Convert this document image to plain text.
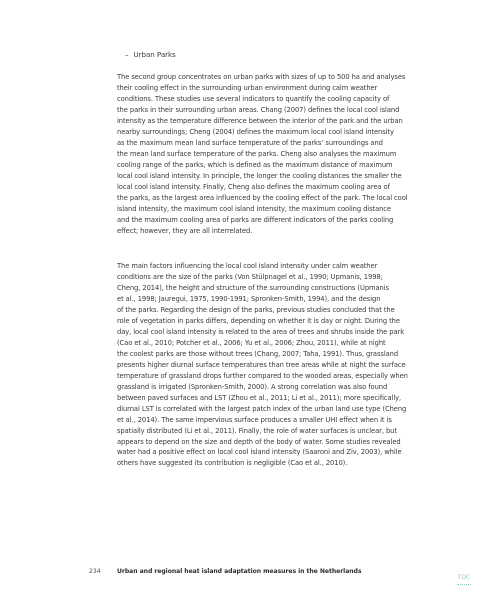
– Urban Parks
The second group concentrates on urban parks with sizes of up to 500 ha and analyses
their cooling effect in the surrounding urban environment during calm weather
conditions. These studies use several indicators to quantify the cooling capacity of
the parks in their surrounding urban areas. Chang (2007) defines the local cool island
intensity as the temperature difference between the interior of the park and the urban
nearby surroundings; Cheng (2004) defines the maximum local cool island intensity
as the maximum mean land surface temperature of the parks’ surroundings and
the mean land surface temperature of the parks. Cheng also analyses the maximum
cooling range of the parks, which is defined as the maximum distance of maximum
local cool island intensity. In principle, the longer the cooling distances the smaller the
local cool island intensity. Finally, Cheng also defines the maximum cooling area of
the parks, as the largest area influenced by the cooling effect of the park. The local cool
island intensity, the maximum cool island intensity, the maximum cooling distance
and the maximum cooling area of parks are different indicators of the parks cooling
effect; however, they are all interrelated.
The main factors influencing the local cool island intensity under calm weather
conditions are the size of the parks (Von Stülpnagel et al., 1990; Upmanis, 1998;
Cheng, 2014), the height and structure of the surrounding constructions (Upmanis
et al., 1998; Jauregui, 1975, 1990-1991; Spronken-Smith, 1994), and the design
of the parks. Regarding the design of the parks, previous studies concluded that the
role of vegetation in parks differs, depending on whether it is day or night. During the
day, local cool island intensity is related to the area of trees and shrubs inside the park
(Cao et al., 2010; Potcher et al., 2006; Yu et al., 2006; Zhou, 2011), while at night
the coolest parks are those without trees (Chang, 2007; Taha, 1991). Thus, grassland
presents higher diurnal surface temperatures than tree areas while at night the surface
temperature of grassland drops further compared to the wooded areas, especially when
grassland is irrigated (Spronken-Smith, 2000). A strong correlation was also found
between paved surfaces and LST (Zhou et al., 2011; Li et al., 2011); more specifically,
diurnal LST is correlated with the largest patch index of the urban land use type (Cheng
et al., 2014). The same impervious surface produces a smaller UHI effect when it is
spatially distributed (Li et al., 2011). Finally, the role of water surfaces is unclear, but
appears to depend on the size and depth of the body of water. Some studies revealed
water had a positive effect on local cool island intensity (Saaroni and Ziv, 2003), while
others have suggested its contribution is negligible (Cao et al., 2010).
234	Urban and regional heat island adaptation measures in the Netherlands
TOC
